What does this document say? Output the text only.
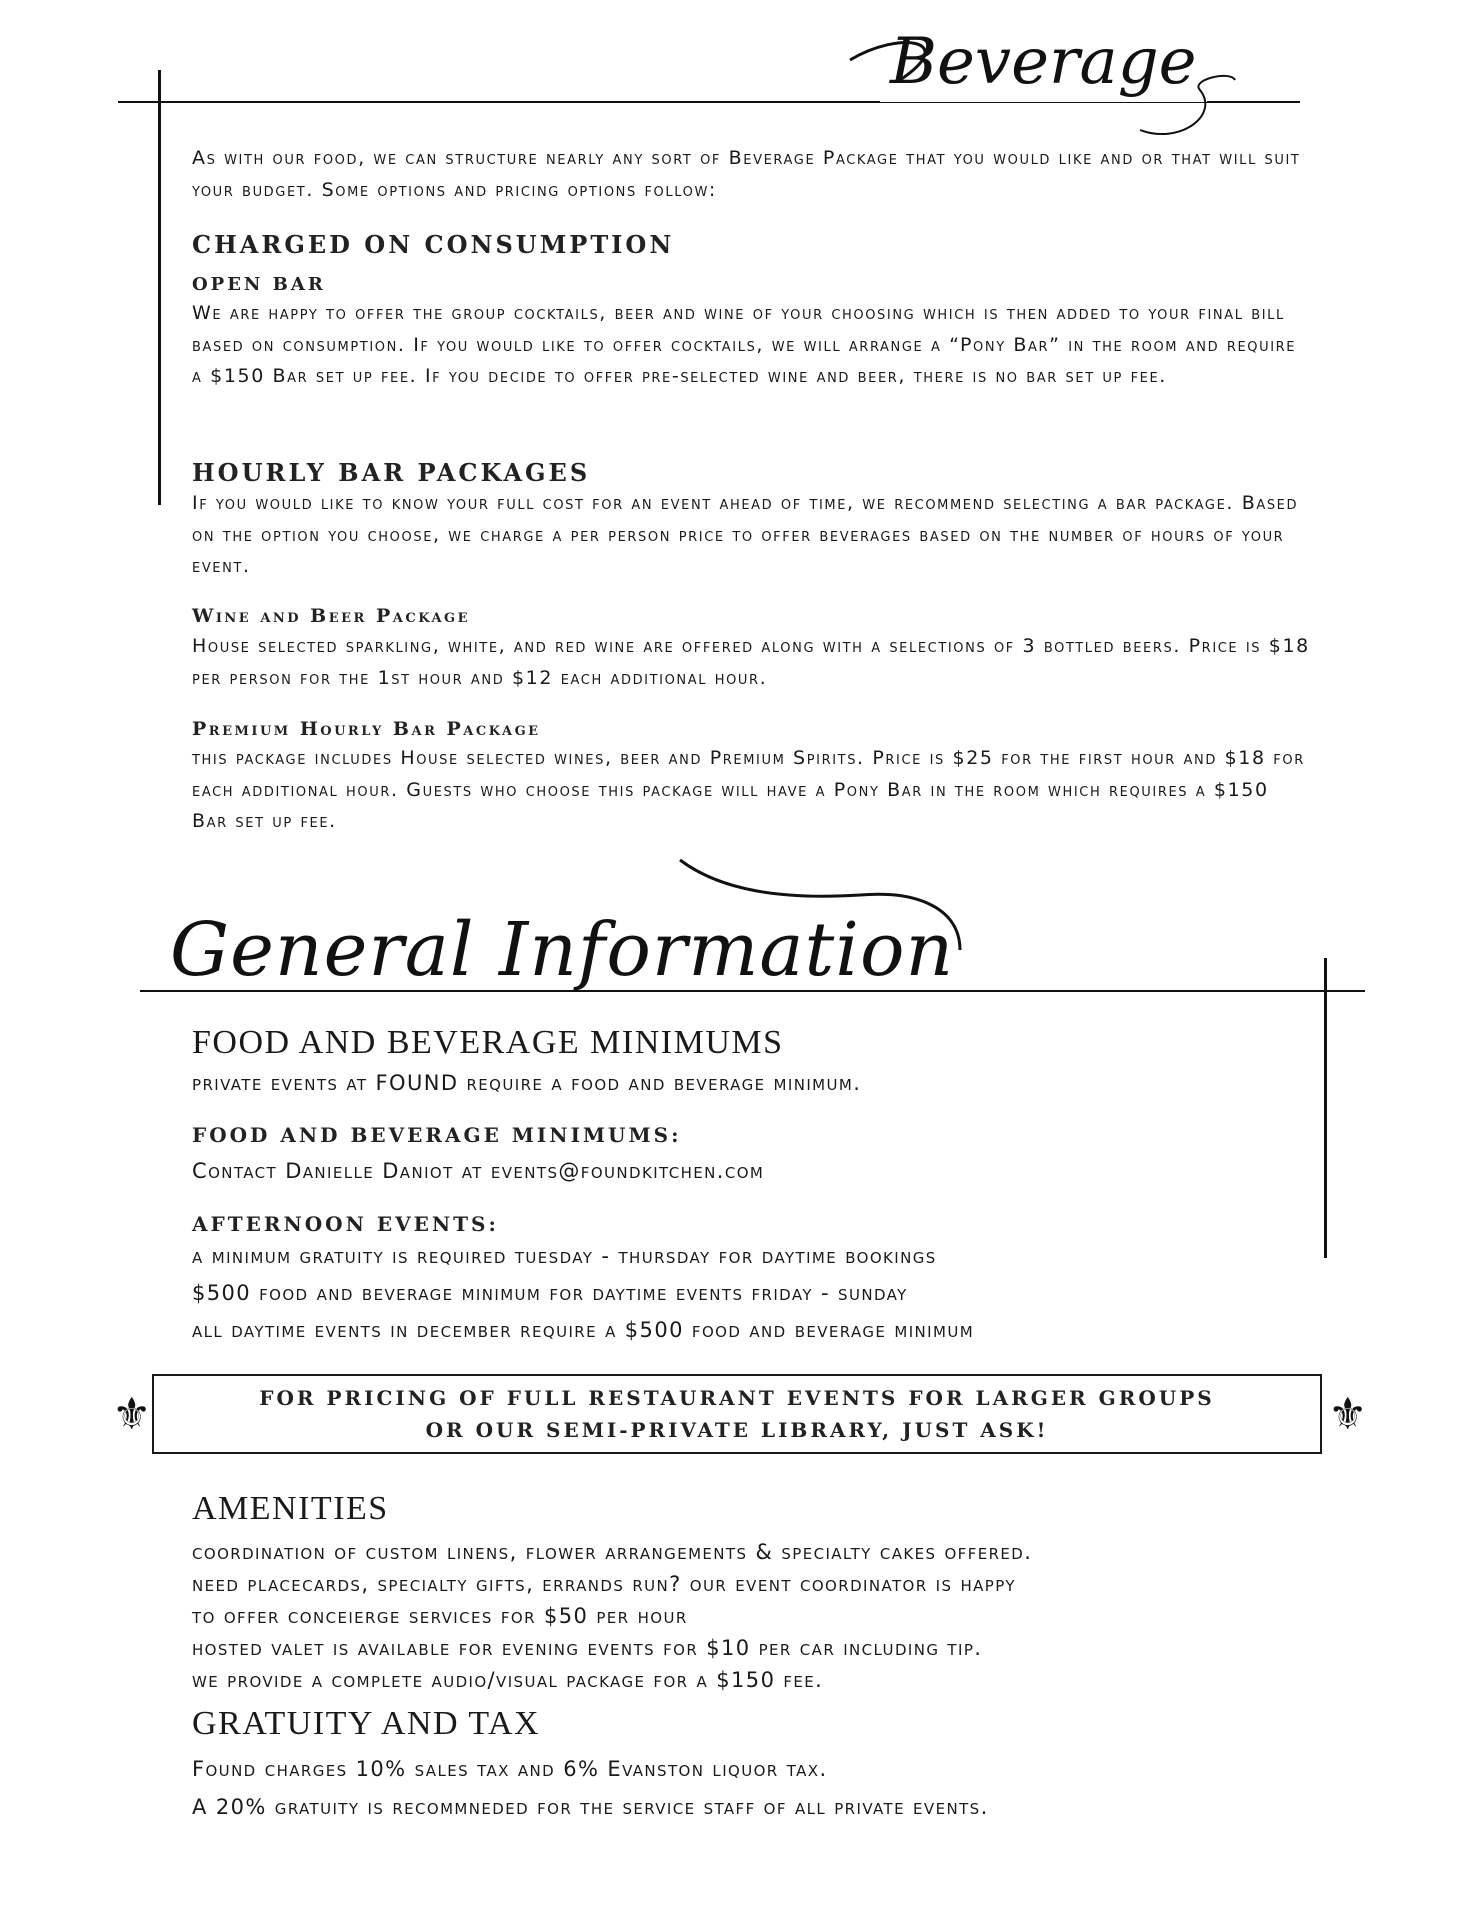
Beverage
As with our food, we can structure nearly any sort of Beverage Package that you would like and or that will suit your budget. Some options and pricing options follow:
CHARGED ON CONSUMPTION
OPEN BAR
We are happy to offer the group cocktails, beer and wine of your choosing which is then added to your final bill based on consumption. If you would like to offer cocktails, we will arrange a “Pony Bar” in the room and require a $150 Bar set up fee. If you decide to offer pre-selected wine and beer, there is no bar set up fee.
HOURLY BAR PACKAGES
If you would like to know your full cost for an event ahead of time, we recommend selecting a bar package. Based on the option you choose, we charge a per person price to offer beverages based on the number of hours of your event.
Wine and Beer Package
House selected sparkling, white, and red wine are offered along with a selections of 3 bottled beers. Price is $18 per person for the 1st hour and $12 each additional hour.
Premium Hourly Bar Package
this package includes House selected wines, beer and Premium Spirits. Price is $25 for the first hour and $18 for each additional hour. Guests who choose this package will have a Pony Bar in the room which requires a $150 Bar set up fee.
General Information
FOOD AND BEVERAGE MINIMUMS
private events at FOUND require a food and beverage minimum.
FOOD AND BEVERAGE MINIMUMS:
Contact Danielle Daniot at events@foundkitchen.com
AFTERNOON EVENTS:
a minimum gratuity is required tuesday - thursday for daytime bookings
$500 food and beverage minimum for daytime events friday - sunday
all daytime events in december require a $500 food and beverage minimum
FOR PRICING OF FULL RESTAURANT EVENTS FOR LARGER GROUPS
OR OUR SEMI-PRIVATE LIBRARY, JUST ASK!
⚜	⚜
AMENITIES
coordination of custom linens, flower arrangements & specialty cakes offered.
need placecards, specialty gifts, errands run? our event coordinator is happy
to offer conceierge services for $50 per hour
hosted valet is available for evening events for $10 per car including tip.
we provide a complete audio/visual package for a $150 fee.
GRATUITY AND TAX
Found charges 10% sales tax and 6% Evanston liquor tax.
A 20% gratuity is recommneded for the service staff of all private events.
